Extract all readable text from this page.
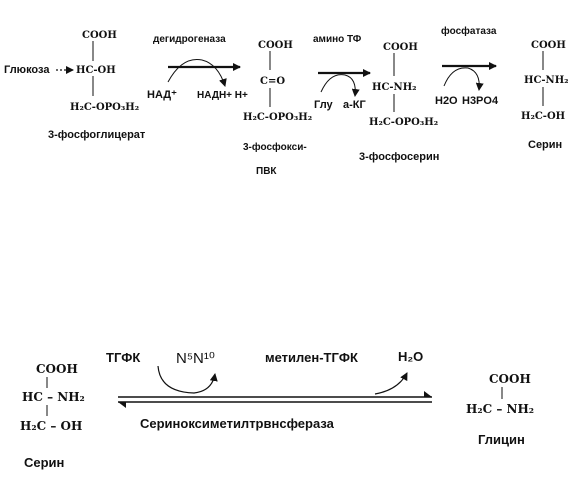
Глюкоза
COOH
HC-OH
H₂C-OPO₃H₂
3-фосфоглицерат
дегидрогеназа
НАД⁺ НАДН+ Н+
COOH
C=O
H₂C-OPO₃H₂
3-фосфокси-
ПВК
амино ТФ
Глу а-КГ
COOH
HC-NH₂
H₂C-OPO₃H₂
3-фосфосерин
фосфатаза
H2O H3PO4
COOH
HC-NH₂
H₂C-OH
Серин
COOH
HC – NH₂
H₂C – OH
Серин
ТГФК N⁵N¹⁰	метилен-ТГФК	H₂O
Сериноксиметилтрвнсфераза
COOH
H₂C – NH₂
Глицин
